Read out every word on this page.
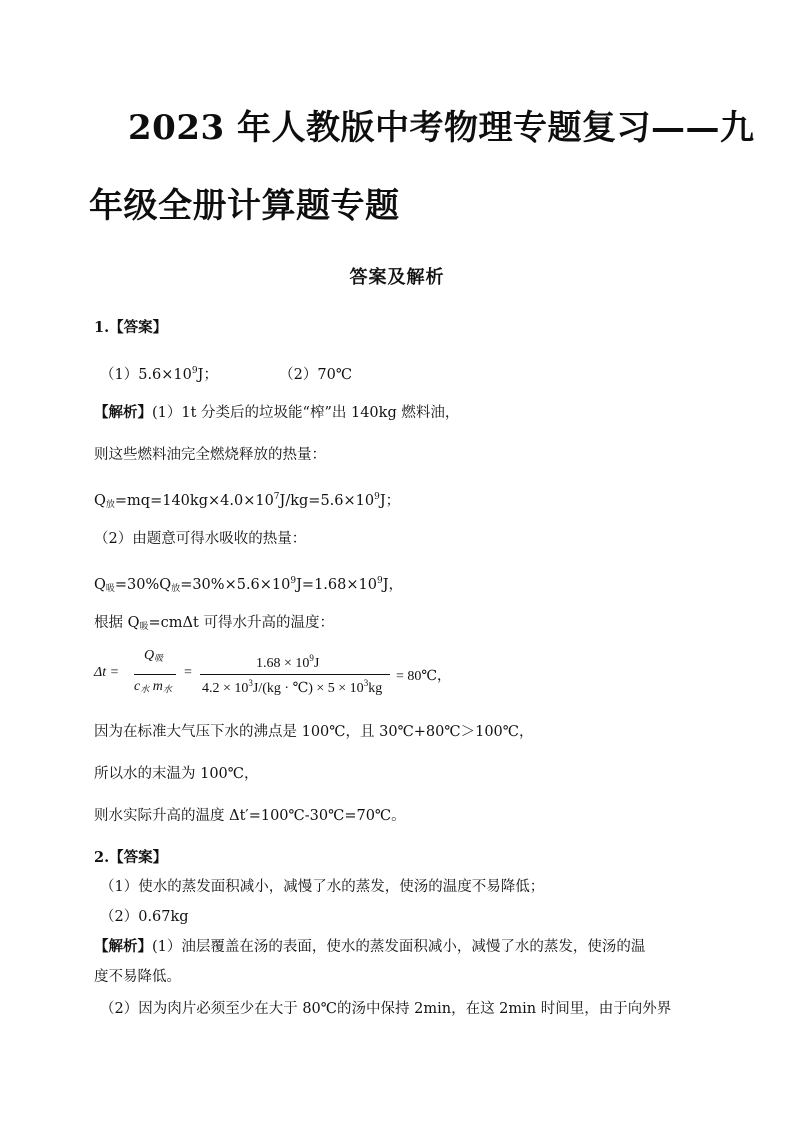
2023 年人教版中考物理专题复习——九
年级全册计算题专题
答案及解析
1.【答案】
$(1)5.6\times 10^9J$；	（2）70℃
【解析】(1）1t 分类后的垃圾能“榨”出 140kg 燃料油，
则这些燃料油完全燃烧释放的热量：
$Q_放=mq=140kg\times 4.0\times 10^7J/kg=5.6\times 10^9J$；
（2）由题意可得水吸收的热量：
$Q_吸=30\%Q_放=30\%\times 5.6\times 10^9J=1.68\times 10^9J$，
根据 $Q_吸=cm\Delta t$ 可得水升高的温度：
Δt =
$Q_吸$
$c_水$ $m_水$
=
$1.68 \times 10^9J$
$4.2 \times 10^3J/(kg$ · ℃) × $5 \times 10^3kg$
= 80℃，
因为在标准大气压下水的沸点是 100℃，且 30℃+80℃＞100℃，
所以水的末温为 100℃，
则水实际升高的温度 Δt′=100℃-30℃=70℃。
2.【答案】
（1）使水的蒸发面积减小，减慢了水的蒸发，使汤的温度不易降低；
（2）0.67kg
【解析】(1）油层覆盖在汤的表面，使水的蒸发面积减小，减慢了水的蒸发，使汤的温
度不易降低。
（2）因为肉片必须至少在大于 80℃的汤中保持 2min，在这 2min 时间里，由于向外界
